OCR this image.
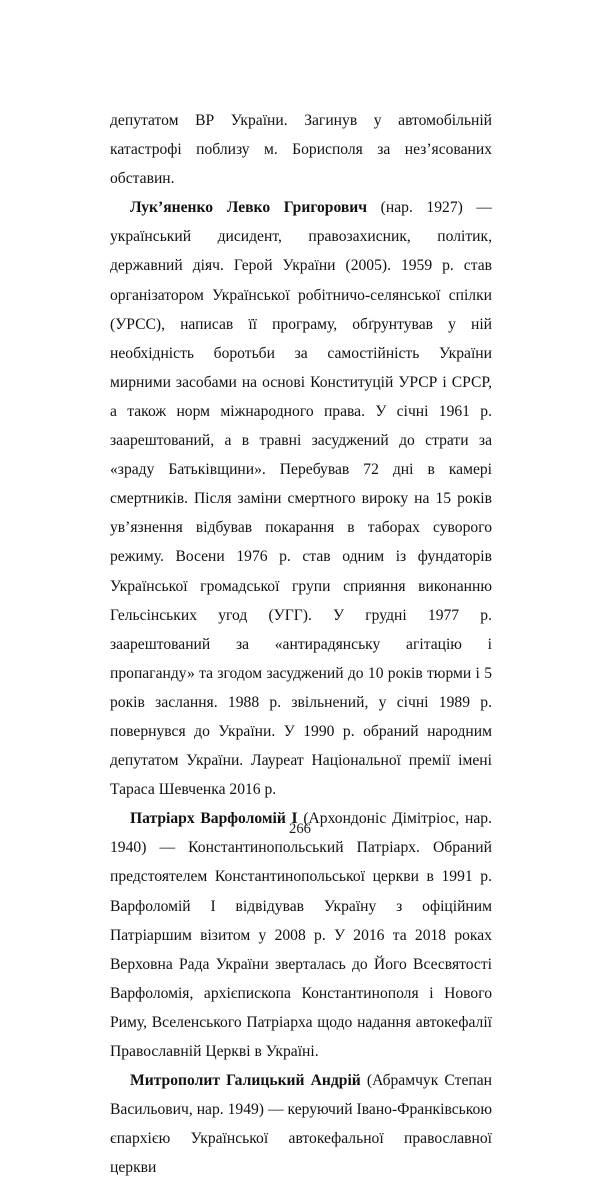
депутатом ВР України. Загинув у автомобільній катастрофі поблизу м. Борисполя за нез’ясованих обставин.

Лук’яненко Левко Григорович (нар. 1927) — український дисидент, правозахисник, політик, державний діяч. Герой України (2005). 1959 р. став організатором Української робітничо-селянської спілки (УРСС), написав її програму, обґрунтував у ній необхідність боротьби за самостійність України мирними засобами на основі Конституцій УРСР і СРСР, а також норм міжнародного права. У січні 1961 р. заарештований, а в травні засуджений до страти за «зраду Батьківщини». Перебував 72 дні в камері смертників. Після заміни смертного вироку на 15 років ув’язнення відбував покарання в таборах суворого режиму. Восени 1976 р. став одним із фундаторів Української громадської групи сприяння виконанню Гельсінських угод (УГГ). У грудні 1977 р. заарештований за «антирадянську агітацію і пропаганду» та згодом засуджений до 10 років тюрми і 5 років заслання. 1988 р. звільнений, у січні 1989 р. повернувся до України. У 1990 р. обраний народним депутатом України. Лауреат Національної премії імені Тараса Шевченка 2016 р.

Патріарх Варфоломій I (Архондоніс Дімітріос, нар. 1940) — Константинопольський Патріарх. Обраний предстоятелем Константинопольської церкви в 1991 р. Варфоломій I відвідував Україну з офіційним Патріаршим візитом у 2008 р. У 2016 та 2018 роках Верховна Рада України зверталась до Його Всесвятості Варфоломія, архієпископа Константинополя і Нового Риму, Вселенського Патріарха щодо надання автокефалії Православній Церкві в Україні.

Митрополит Галицький Андрій (Абрамчук Степан Васильович, нар. 1949) — керуючий Івано-Франківською єпархією Української автокефальної православної церкви

266
